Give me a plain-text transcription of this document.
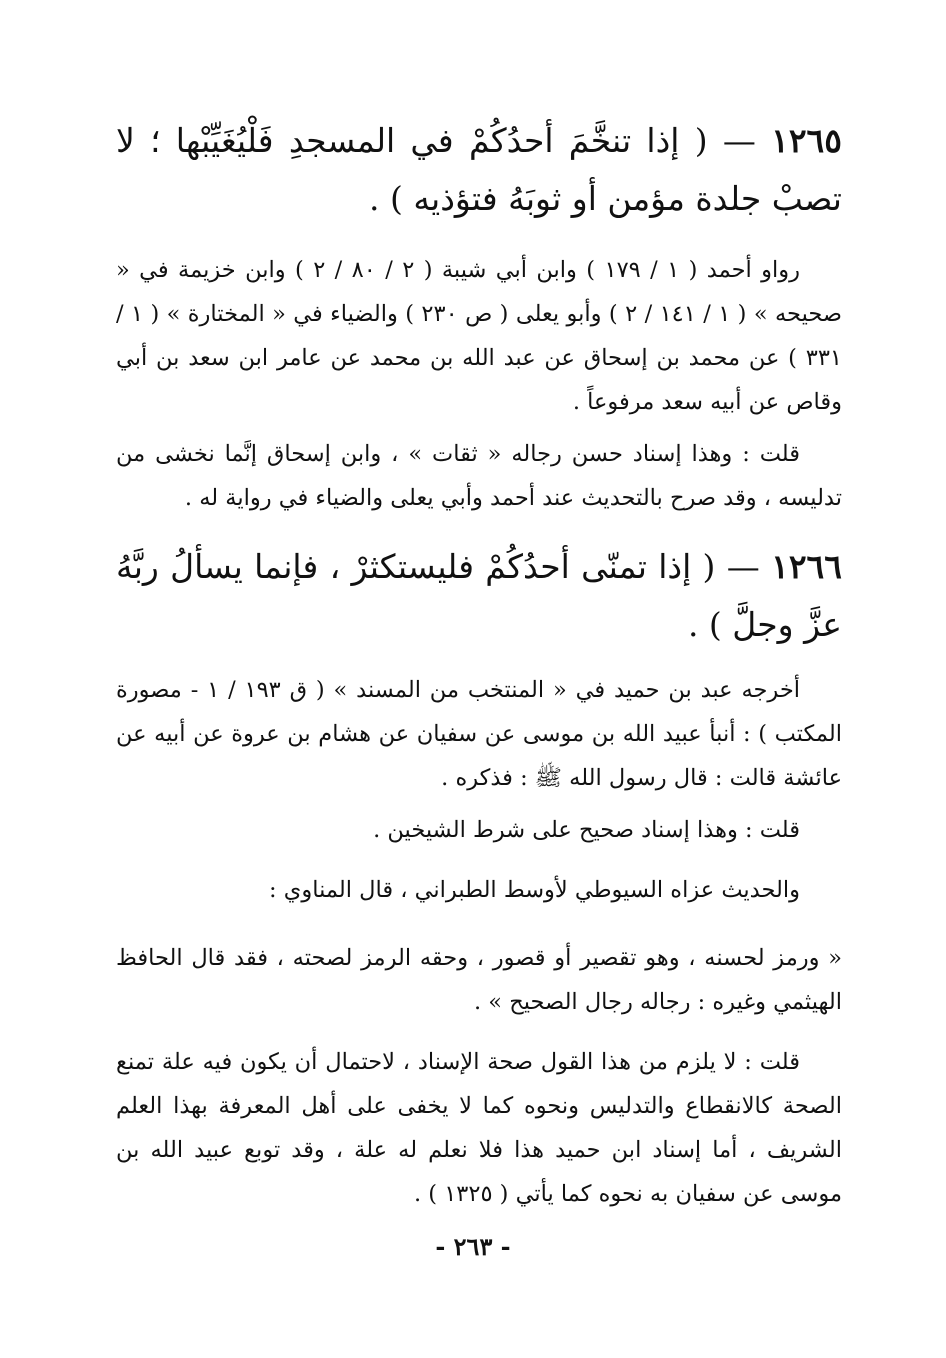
١٢٦٥ — ( إذا تنخَّمَ أحدُكُمْ في المسجدِ فَلْيُغَيِّبْها ؛ لا تصبْ جلدة مؤمن أو ثوبَهُ فتؤذيه ) .
رواو أحمد ( ١ / ١٧٩ ) وابن أبي شيبة ( ٢ / ٨٠ / ٢ ) وابن خزيمة في « صحيحه » ( ١ / ١٤١ / ٢ ) وأبو يعلى ( ص ٢٣٠ ) والضياء في « المختارة » ( ١ / ٣٣١ ) عن محمد بن إسحاق عن عبد الله بن محمد عن عامر ابن سعد بن أبي وقاص عن أبيه سعد مرفوعاً .
قلت : وهذا إسناد حسن رجاله « ثقات » ، وابن إسحاق إنَّما نخشى من تدليسه ، وقد صرح بالتحديث عند أحمد وأبي يعلى والضياء في رواية له .
١٢٦٦ — ( إذا تمنّى أحدُكُمْ فليستكثرْ ، فإنما يسألُ ربَّهُ عزَّ وجلَّ ) .
أخرجه عبد بن حميد في « المنتخب من المسند » ( ق ١٩٣ / ١ - مصورة المكتب ) : أنبأ عبيد الله بن موسى عن سفيان عن هشام بن عروة عن أبيه عن عائشة قالت : قال رسول الله ﷺ : فذكره .
قلت : وهذا إسناد صحيح على شرط الشيخين .
والحديث عزاه السيوطي لأوسط الطبراني ، قال المناوي :
« ورمز لحسنه ، وهو تقصير أو قصور ، وحقه الرمز لصحته ، فقد قال الحافظ الهيثمي وغيره : رجاله رجال الصحيح » .
قلت : لا يلزم من هذا القول صحة الإسناد ، لاحتمال أن يكون فيه علة تمنع الصحة كالانقطاع والتدليس ونحوه كما لا يخفى على أهل المعرفة بهذا العلم الشريف ، أما إسناد ابن حميد هذا فلا نعلم له علة ، وقد توبع عبيد الله بن موسى عن سفيان به نحوه كما يأتي ( ١٣٢٥ ) .
- ٢٦٣ -
